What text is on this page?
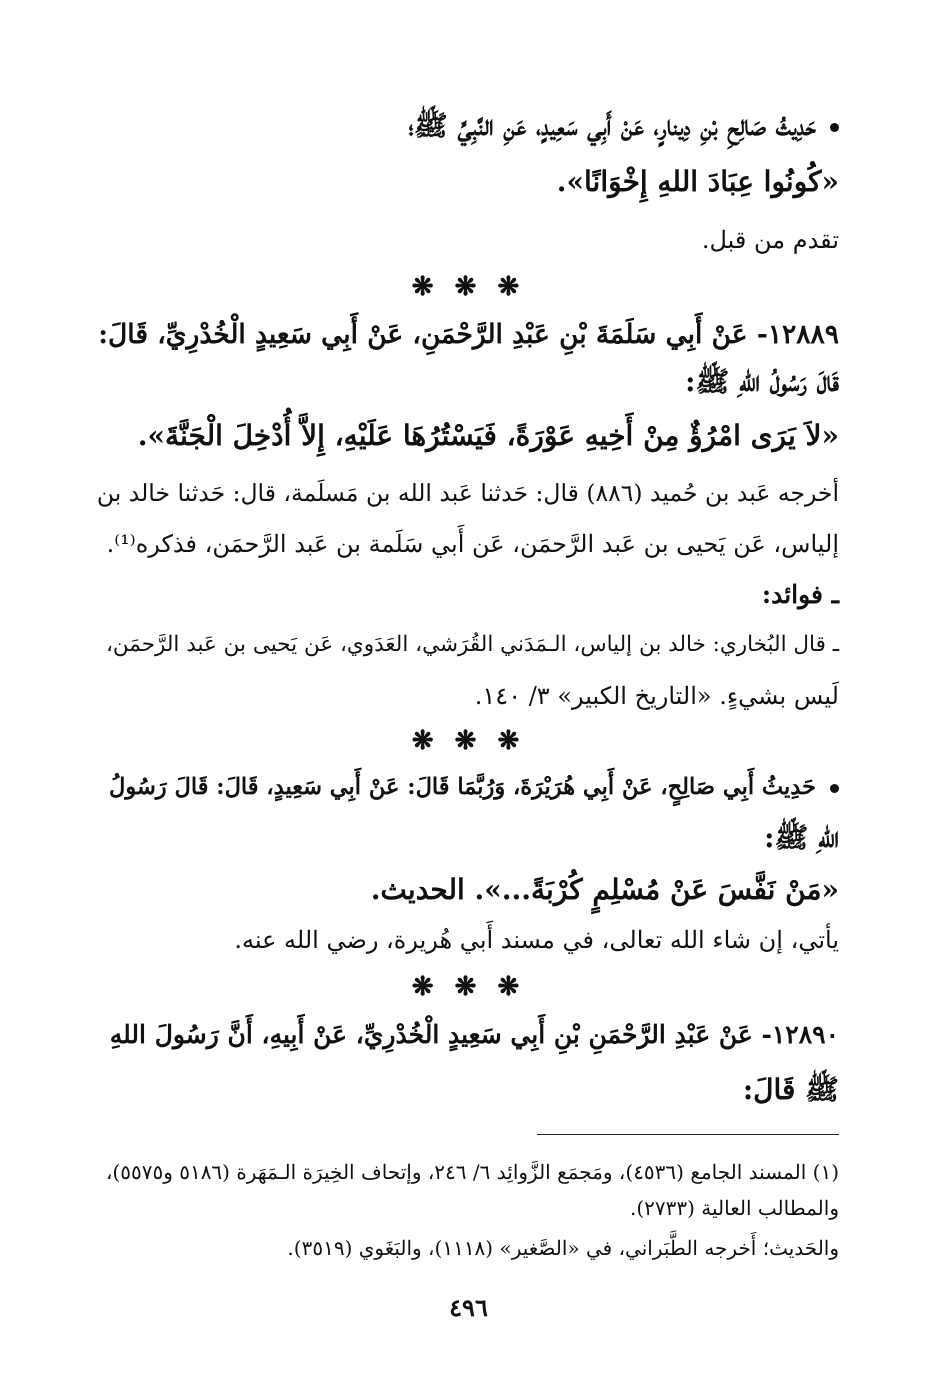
حَدِيثُ صَالِحِ بْنِ دِينارٍ، عَنْ أَبِي سَعِيدٍ، عَنِ النَّبِيِّ ﷺ؛

«كُونُوا عِبَادَ اللهِ إِخْوَانًا».

تقدم من قبل.

❋ ❋ ❋

١٢٨٨٩- عَنْ أَبِي سَلَمَةَ بْنِ عَبْدِ الرَّحْمَنِ، عَنْ أَبِي سَعِيدٍ الْخُدْرِيِّ، قَالَ:

قَالَ رَسُولُ اللهِ ﷺ:

«لاَ يَرَى امْرُؤٌ مِنْ أَخِيهِ عَوْرَةً، فَيَسْتُرُهَا عَلَيْهِ، إِلاَّ أُدْخِلَ الْجَنَّةَ».

أخرجه عَبد بن حُميد (٨٨٦) قال: حَدثنا عَبد الله بن مَسلَمة، قال: حَدثنا خالد بن

إلياس، عَن يَحيى بن عَبد الرَّحمَن، عَن أَبي سَلَمة بن عَبد الرَّحمَن، فذكره⁽¹⁾.

ـ فوائد:

ـ قال البُخاري: خالد بن إلياس، الـمَدَني القُرَشي، العَدَوي، عَن يَحيى بن عَبد الرَّحمَن،

لَيس بشيءٍ. «التاريخ الكبير» ٣/ ١٤٠.

❋ ❋ ❋

حَدِيثُ أَبِي صَالِحٍ، عَنْ أَبِي هُرَيْرَةَ، وَرُبَّمَا قَالَ: عَنْ أَبِي سَعِيدٍ، قَالَ: قَالَ رَسُولُ

اللهِ ﷺ:

«مَنْ نَفَّسَ عَنْ مُسْلِمٍ كُرْبَةً...». الحديث.

يأتي، إن شاء الله تعالى، في مسند أَبي هُريرة، رضي الله عنه.

❋ ❋ ❋

١٢٨٩٠- عَنْ عَبْدِ الرَّحْمَنِ بْنِ أَبِي سَعِيدٍ الْخُدْرِيِّ، عَنْ أَبِيهِ، أَنَّ رَسُولَ اللهِ

ﷺ قَالَ:

(١) المسند الجامع (٤٥٣٦)، ومَجمَع الزَّوائِد ٦/ ٢٤٦، وإتحاف الخِيرَة الـمَهَرة (٥١٨٦ و٥٥٧٥)،

والمطالب العالية (٢٧٣٣).

والحَديث؛ أَخرجه الطَّبَراني، في «الصَّغير» (١١١٨)، والبَغَوي (٣٥١٩).

٤٩٦
